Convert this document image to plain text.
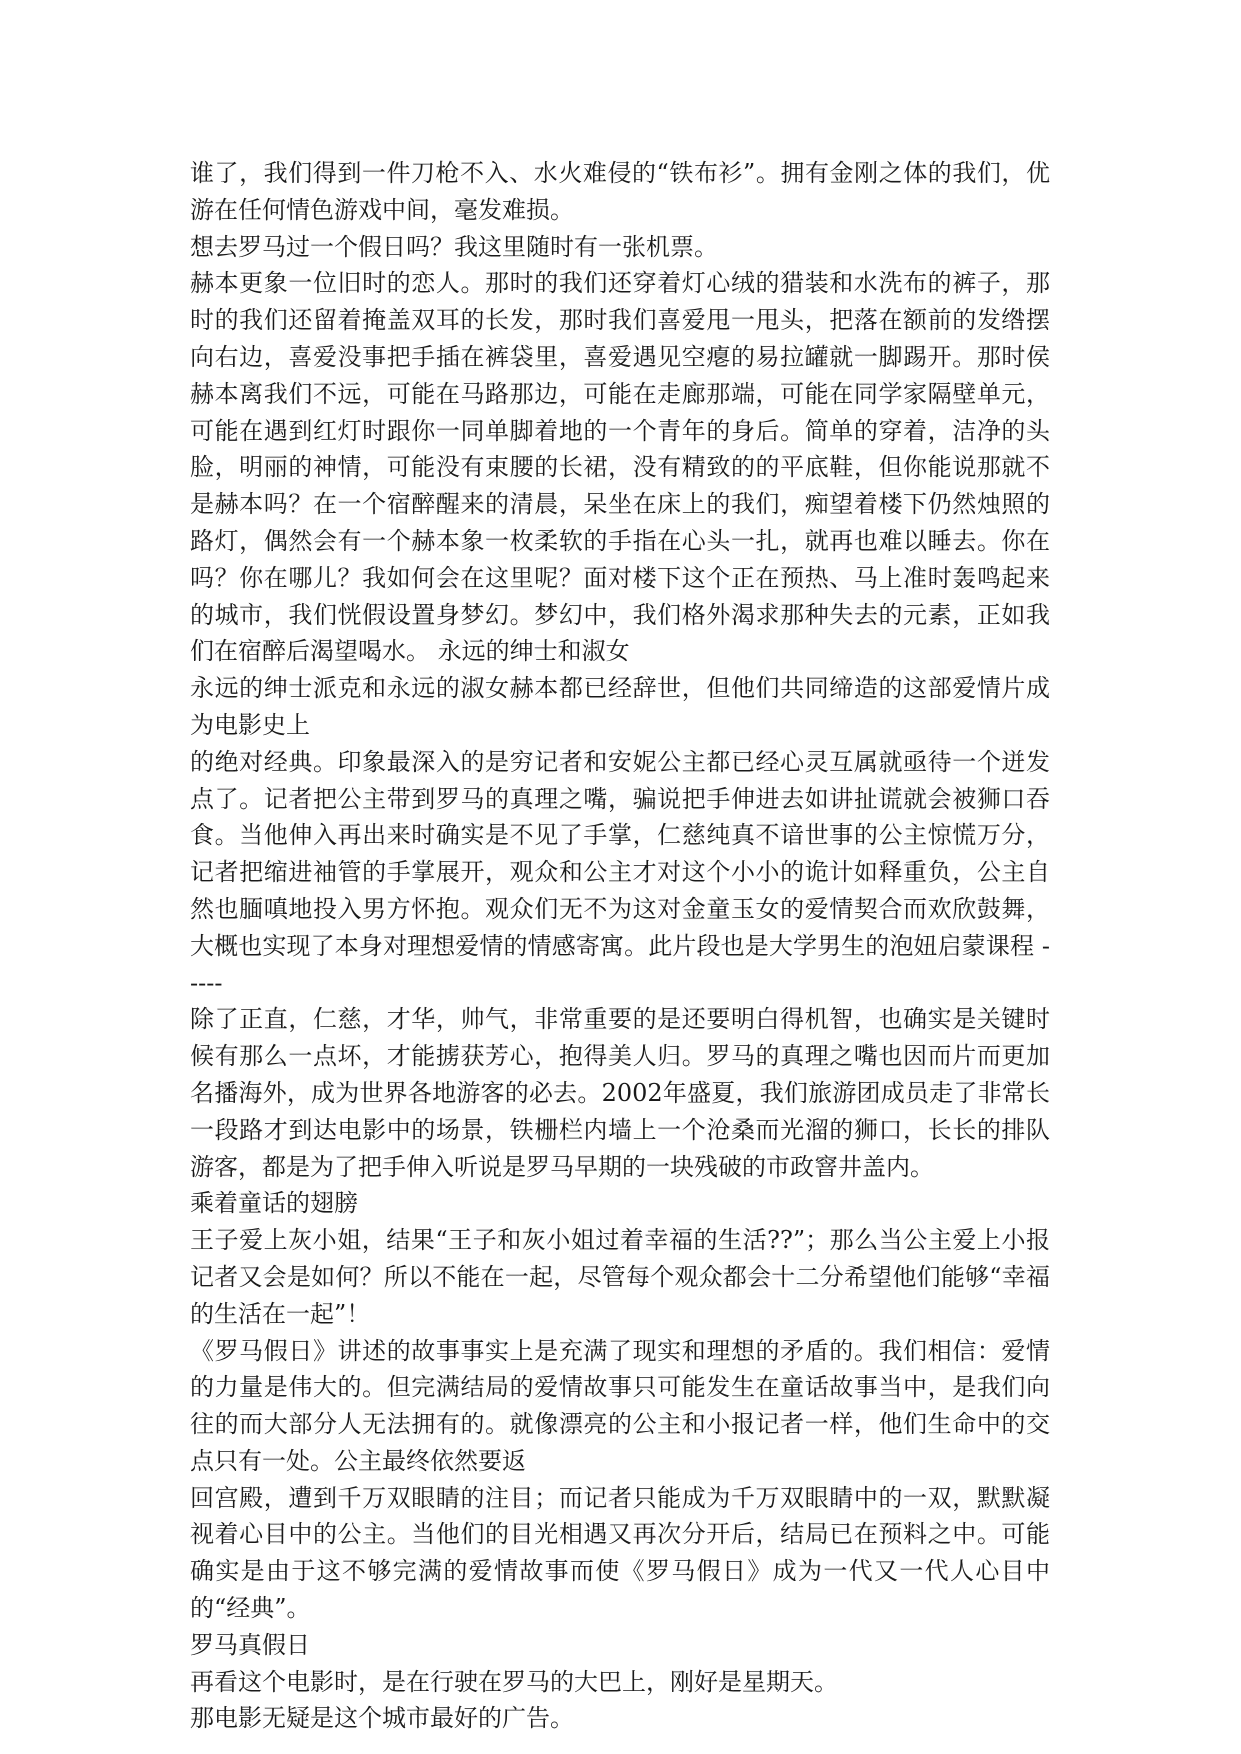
谁了，我们得到一件刀枪不入、水火难侵的“铁布衫”。拥有金刚之体的我们，优游在任何情色游戏中间，毫发难损。

想去罗马过一个假日吗？我这里随时有一张机票。

赫本更象一位旧时的恋人。那时的我们还穿着灯心绒的猎装和水洗布的裤子，那时的我们还留着掩盖双耳的长发，那时我们喜爱甩一甩头，把落在额前的发绺摆向右边，喜爱没事把手插在裤袋里，喜爱遇见空瘪的易拉罐就一脚踢开。那时侯赫本离我们不远，可能在马路那边，可能在走廊那端，可能在同学家隔壁单元，可能在遇到红灯时跟你一同单脚着地的一个青年的身后。简单的穿着，洁净的头脸，明丽的神情，可能没有束腰的长裙，没有精致的的平底鞋，但你能说那就不是赫本吗？在一个宿醉醒来的清晨，呆坐在床上的我们，痴望着楼下仍然烛照的路灯，偶然会有一个赫本象一枚柔软的手指在心头一扎，就再也难以睡去。你在吗？你在哪儿？我如何会在这里呢？面对楼下这个正在预热、马上准时轰鸣起来的城市，我们恍假设置身梦幻。梦幻中，我们格外渴求那种失去的元素，正如我们在宿醉后渴望喝水。 永远的绅士和淑女

永远的绅士派克和永远的淑女赫本都已经辞世，但他们共同缔造的这部爱情片成为电影史上

的绝对经典。印象最深入的是穷记者和安妮公主都已经心灵互属就亟待一个迸发点了。记者把公主带到罗马的真理之嘴，骗说把手伸进去如讲扯谎就会被狮口吞食。当他伸入再出来时确实是不见了手掌，仁慈纯真不谙世事的公主惊慌万分，记者把缩进袖管的手掌展开，观众和公主才对这个小小的诡计如释重负，公主自然也腼嗔地投入男方怀抱。观众们无不为这对金童玉女的爱情契合而欢欣鼓舞，大概也实现了本身对理想爱情的情感寄寓。此片段也是大学男生的泡妞启蒙课程 -----

除了正直，仁慈，才华，帅气，非常重要的是还要明白得机智，也确实是关键时候有那么一点坏，才能掳获芳心，抱得美人归。罗马的真理之嘴也因而片而更加名播海外，成为世界各地游客的必去。2002年盛夏，我们旅游团成员走了非常长一段路才到达电影中的场景，铁栅栏内墙上一个沧桑而光溜的狮口，长长的排队游客，都是为了把手伸入听说是罗马早期的一块残破的市政窨井盖内。

乘着童话的翅膀

王子爱上灰小姐，结果“王子和灰小姐过着幸福的生活??”；那么当公主爱上小报记者又会是如何？所以不能在一起，尽管每个观众都会十二分希望他们能够“幸福的生活在一起”！

《罗马假日》讲述的故事事实上是充满了现实和理想的矛盾的。我们相信：爱情的力量是伟大的。但完满结局的爱情故事只可能发生在童话故事当中，是我们向往的而大部分人无法拥有的。就像漂亮的公主和小报记者一样，他们生命中的交点只有一处。公主最终依然要返

回宫殿，遭到千万双眼睛的注目；而记者只能成为千万双眼睛中的一双，默默凝视着心目中的公主。当他们的目光相遇又再次分开后，结局已在预料之中。可能确实是由于这不够完满的爱情故事而使《罗马假日》成为一代又一代人心目中的“经典”。

罗马真假日

再看这个电影时，是在行驶在罗马的大巴上，刚好是星期天。

那电影无疑是这个城市最好的广告。
